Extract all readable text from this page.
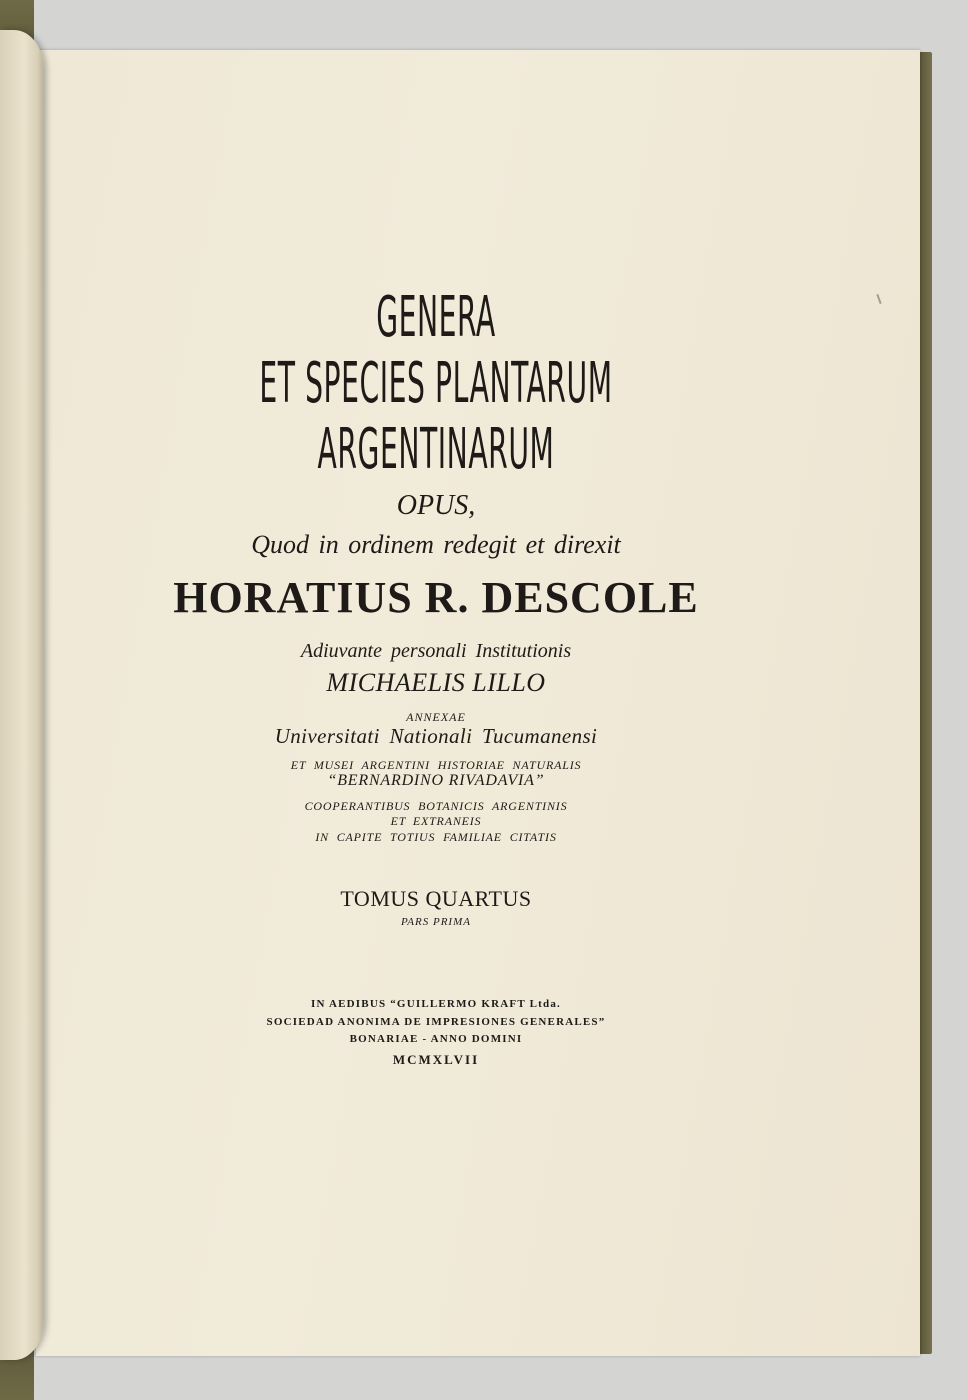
GENERA
ET SPECIES PLANTARUM
ARGENTINARUM
OPUS,
Quod in ordinem redegit et direxit
HORATIUS R. DESCOLE
Adiuvante personali Institutionis
MICHAELIS LILLO
ANNEXAE
Universitati Nationali Tucumanensi
ET MUSEI ARGENTINI HISTORIAE NATURALIS
“BERNARDINO RIVADAVIA”
COOPERANTIBUS BOTANICIS ARGENTINIS
ET EXTRANEIS
IN CAPITE TOTIUS FAMILIAE CITATIS
TOMUS QUARTUS
PARS PRIMA
IN AEDIBUS “GUILLERMO KRAFT Ltda.
SOCIEDAD ANONIMA DE IMPRESIONES GENERALES”
BONARIAE - ANNO DOMINI
MCMXLVII
